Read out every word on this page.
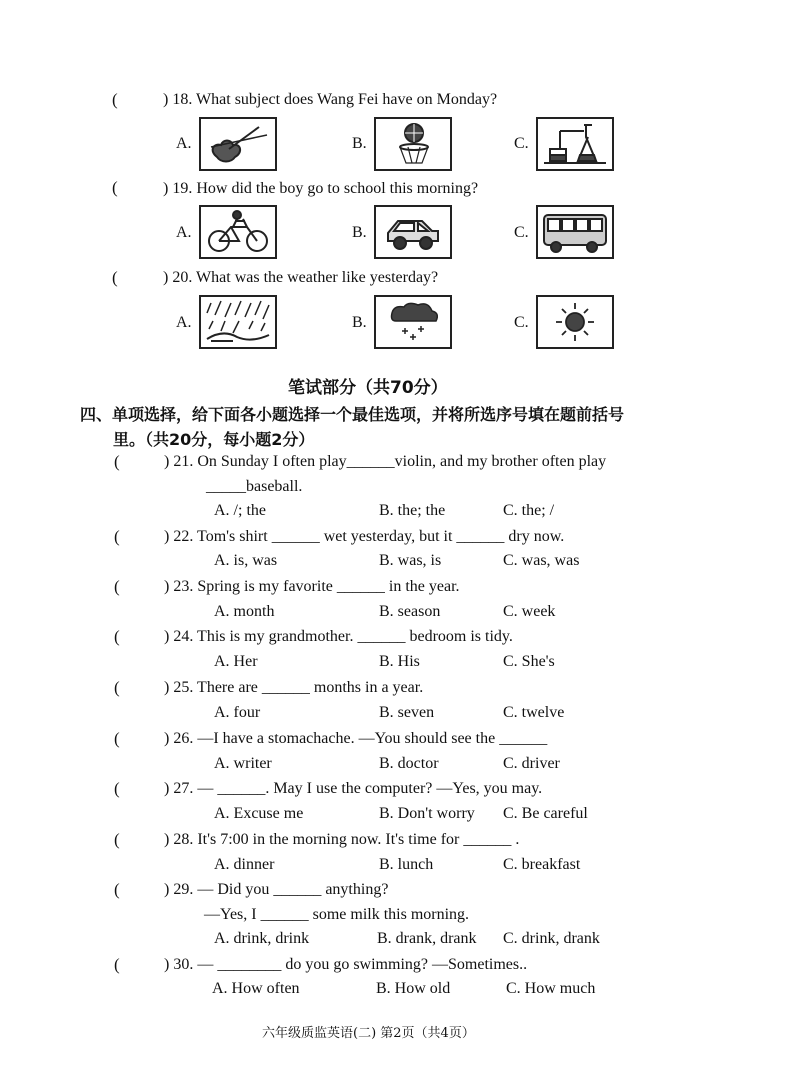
(	) 18. What subject does Wang Fei have on Monday?
A.	B.	C.
(	) 19. How did the boy go to school this morning?
A.	B.	C.
(	) 20. What was the weather like yesterday?
A.	B.	C.
笔试部分（共70分）
四、单项选择，给下面各小题选择一个最佳选项，并将所选序号填在题前括号
里。（共20分，每小题2分）
(	) 21. On Sunday I often play______violin, and my brother often play
_____baseball.
A. /; the	B. the; the	C. the; /
(	) 22. Tom's shirt ______ wet yesterday, but it ______ dry now.
A. is, was	B. was, is	C. was, was
(	) 23. Spring is my favorite ______ in the year.
A. month	B. season	C. week
(	) 24. This is my grandmother. ______ bedroom is tidy.
A. Her	B. His	C. She's
(	) 25. There are ______ months in a year.
A. four	B. seven	C. twelve
(	) 26. —I have a stomachache. —You should see the ______
A. writer	B. doctor	C. driver
(	) 27. — ______. May I use the computer? —Yes, you may.
A. Excuse me	B. Don't worry C. Be careful
(	) 28. It's 7:00 in the morning now. It's time for ______ .
A. dinner	B. lunch	C. breakfast
(	) 29. — Did you ______ anything?
—Yes, I ______ some milk this morning.
A. drink, drink	B. drank, drank C. drink, drank
(	) 30. — ________ do you go swimming? —Sometimes..
A. How often	B. How old	C. How much
六年级质监英语(二) 第2页（共4页）
